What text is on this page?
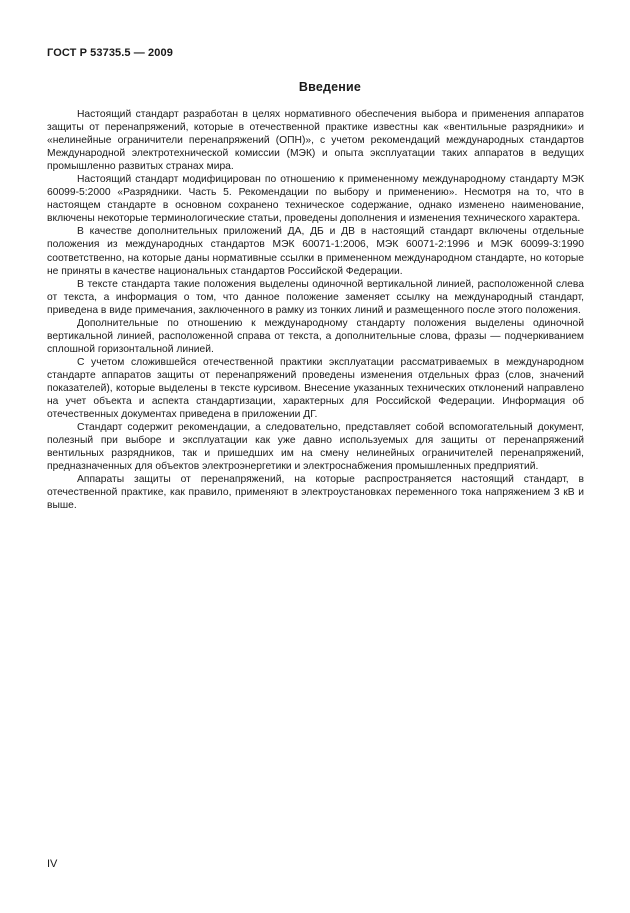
ГОСТ Р 53735.5 — 2009
Введение

Настоящий стандарт разработан в целях нормативного обеспечения выбора и применения аппаратов защиты от перенапряжений, которые в отечественной практике известны как «вентильные разрядники» и «нелинейные ограничители перенапряжений (ОПН)», с учетом рекомендаций международных стандартов Международной электротехнической комиссии (МЭК) и опыта эксплуатации таких аппаратов в ведущих промышленно развитых странах мира.

Настоящий стандарт модифицирован по отношению к примененному международному стандарту МЭК 60099-5:2000 «Разрядники. Часть 5. Рекомендации по выбору и применению». Несмотря на то, что в настоящем стандарте в основном сохранено техническое содержание, однако изменено наименование, включены некоторые терминологические статьи, проведены дополнения и изменения технического характера.

В качестве дополнительных приложений ДА, ДБ и ДВ в настоящий стандарт включены отдельные положения из международных стандартов МЭК 60071-1:2006, МЭК 60071-2:1996 и МЭК 60099-3:1990 соответственно, на которые даны нормативные ссылки в примененном международном стандарте, но которые не приняты в качестве национальных стандартов Российской Федерации.

В тексте стандарта такие положения выделены одиночной вертикальной линией, расположенной слева от текста, а информация о том, что данное положение заменяет ссылку на международный стандарт, приведена в виде примечания, заключенного в рамку из тонких линий и размещенного после этого положения.

Дополнительные по отношению к международному стандарту положения выделены одиночной вертикальной линией, расположенной справа от текста, а дополнительные слова, фразы — подчеркиванием сплошной горизонтальной линией.

С учетом сложившейся отечественной практики эксплуатации рассматриваемых в международном стандарте аппаратов защиты от перенапряжений проведены изменения отдельных фраз (слов, значений показателей), которые выделены в тексте курсивом. Внесение указанных технических отклонений направлено на учет объекта и аспекта стандартизации, характерных для Российской Федерации. Информация об отечественных документах приведена в приложении ДГ.

Стандарт содержит рекомендации, а следовательно, представляет собой вспомогательный документ, полезный при выборе и эксплуатации как уже давно используемых для защиты от перенапряжений вентильных разрядников, так и пришедших им на смену нелинейных ограничителей перенапряжений, предназначенных для объектов электроэнергетики и электроснабжения промышленных предприятий.

Аппараты защиты от перенапряжений, на которые распространяется настоящий стандарт, в отечественной практике, как правило, применяют в электроустановках переменного тока напряжением 3 кВ и выше.

IV
